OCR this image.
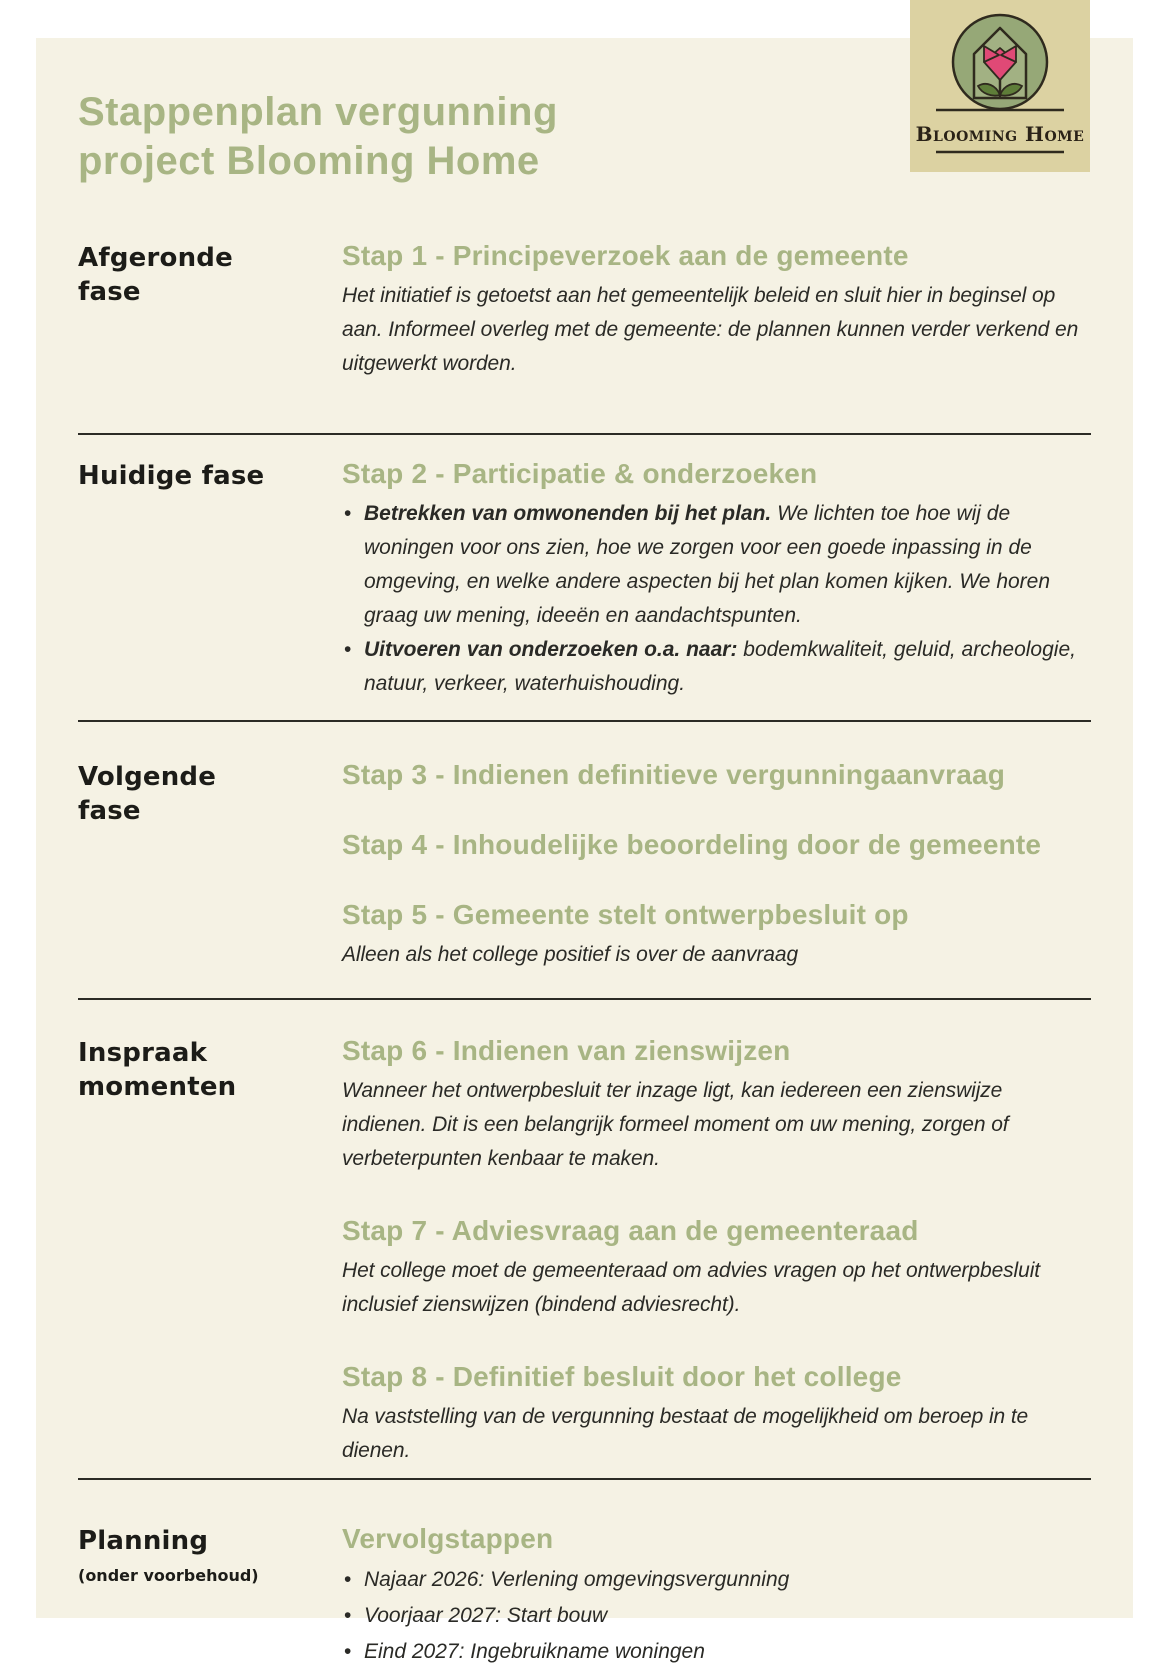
Stappenplan vergunning
project Blooming Home
Afgeronde fase
Stap 1 - Principeverzoek aan de gemeente

Het initiatief is getoetst aan het gemeentelijk beleid en sluit hier in beginsel op aan. Informeel overleg met de gemeente: de plannen kunnen verder verkend en uitgewerkt worden.

Huidige fase	Stap 2 - Participatie & onderzoeken
• Betrekken van omwonenden bij het plan. We lichten toe hoe wij de woningen voor ons zien, hoe we zorgen voor een goede inpassing in de omgeving, en welke andere aspecten bij het plan komen kijken. We horen graag uw mening, ideeën en aandachtspunten.
• Uitvoeren van onderzoeken o.a. naar: bodemkwaliteit, geluid, archeologie, natuur, verkeer, waterhuishouding.
Volgende fase
Stap 3 - Indienen definitieve vergunningaanvraag
Stap 4 - Inhoudelijke beoordeling door de gemeente
Stap 5 - Gemeente stelt ontwerpbesluit op

Alleen als het college positief is over de aanvraag

Inspraak momenten
Stap 6 - Indienen van zienswijzen

Wanneer het ontwerpbesluit ter inzage ligt, kan iedereen een zienswijze indienen. Dit is een belangrijk formeel moment om uw mening, zorgen of verbeterpunten kenbaar te maken.

Stap 7 - Adviesvraag aan de gemeenteraad

Het college moet de gemeenteraad om advies vragen op het ontwerpbesluit inclusief zienswijzen (bindend adviesrecht).

Stap 8 - Definitief besluit door het college

Na vaststelling van de vergunning bestaat de mogelijkheid om beroep in te dienen.

Planning
(onder voorbehoud)
Vervolgstappen
• Najaar 2026: Verlening omgevingsvergunning
• Voorjaar 2027: Start bouw
• Eind 2027: Ingebruikname woningen
Blooming Home
